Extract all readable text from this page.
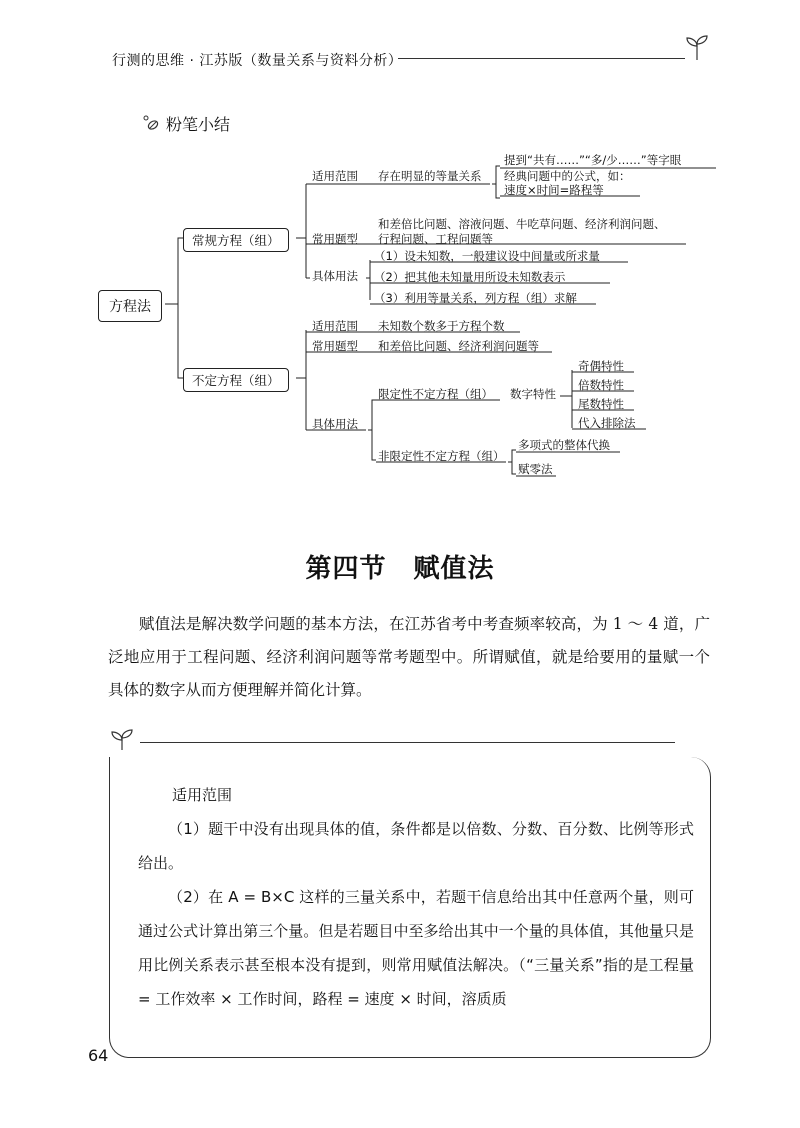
行测的思维 · 江苏版（数量关系与资料分析）
粉笔小结
方程法
常规方程（组）
不定方程（组）
适用范围 存在明显的等量关系
提到“共有……”“多/少……”等字眼
经典问题中的公式，如：
速度×时间=路程等
常用题型
和差倍比问题、溶液问题、牛吃草问题、经济利润问题、
行程问题、工程问题等
具体用法
（1）设未知数，一般建议设中间量或所求量
（2）把其他未知量用所设未知数表示
（3）利用等量关系，列方程（组）求解
适用范围 未知数个数多于方程个数
常用题型 和差倍比问题、经济利润问题等
具体用法
限定性不定方程（组） 数字特性
奇偶特性
倍数特性
尾数特性
代入排除法
非限定性不定方程（组）
多项式的整体代换
赋零法
第四节　赋值法

赋值法是解决数学问题的基本方法，在江苏省考中考查频率较高，为 1 ～ 4 道，广泛地应用于工程问题、经济利润问题等常考题型中。所谓赋值，就是给要用的量赋一个具体的数字从而方便理解并简化计算。

适用范围

（1）题干中没有出现具体的值，条件都是以倍数、分数、百分数、比例等形式给出。

（2）在 A = B×C 这样的三量关系中，若题干信息给出其中任意两个量，则可通过公式计算出第三个量。但是若题目中至多给出其中一个量的具体值，其他量只是用比例关系表示甚至根本没有提到，则常用赋值法解决。（“三量关系”指的是工程量 = 工作效率 × 工作时间，路程 = 速度 × 时间，溶质质

64
